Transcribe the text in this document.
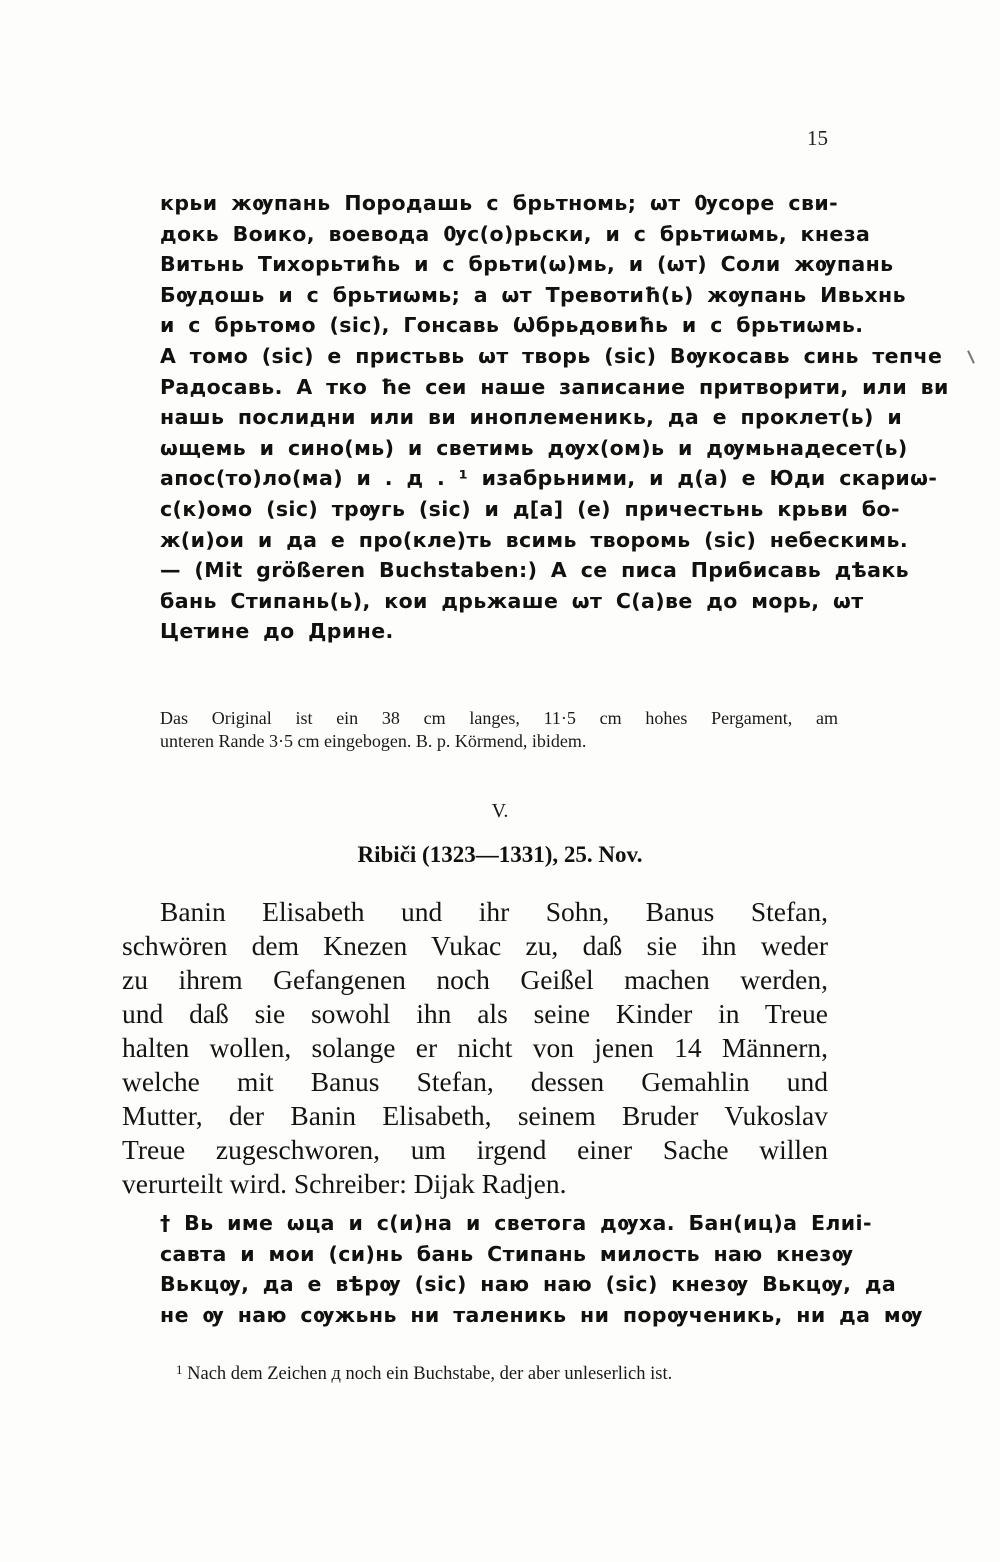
15
крьи жѹпань Породашь с брьтномь; ѡт Ѹсоре сви-
докь Воико, воевода Ѹс(о)рьски, и с брьтиѡмь, кнеза
Витьнь Тихорьтиħь и с брьти(ѡ)мь, и (ѡт) Соли жѹпань
Бѹдошь и с брьтиѡмь; а ѡт Тревотиħ(ь) жѹпань Ивьхнь
и с брьтомо (sic), Гонсавь Ѡбрьдовиħь и с брьтиѡмь.
А томо (sic) е пристьвь ѡт творь (sic) Вѹкосавь синь тепче
Радосавь. А тко ħе сеи наше записание притворити, или ви
нашь послидни или ви иноплеменикь, да е проклет(ь) и
ѡщемь и сино(мь) и светимь дѹх(ом)ь и дѹмьнадесет(ь)
апос(то)ло(ма) и . д . ¹ изабрьними, и д(а) е Юди скариѡ-
с(к)омо (sic) трѹгь (sic) и д[а] (е) причестьнь крьви бо-
ж(и)ои и да е про(кле)ть всимь творомь (sic) небескимь.
— (Mit größeren Buchstaben:) А се писа Прибисавь дѣакь
бань Стипань(ь), кои дрьжаше ѡт С(а)ве до морь, ѡт
Цетине до Дрине.
Das Original ist ein 38 cm langes, 11·5 cm hohes Pergament, am
unteren Rande 3·5 cm eingebogen. B. p. Körmend, ibidem.
V.
Ribiči (1323—1331), 25. Nov.
Banin Elisabeth und ihr Sohn, Banus Stefan,
schwören dem Knezen Vukac zu, daß sie ihn weder
zu ihrem Gefangenen noch Geißel machen werden,
und daß sie sowohl ihn als seine Kinder in Treue
halten wollen, solange er nicht von jenen 14 Männern,
welche mit Banus Stefan, dessen Gemahlin und
Mutter, der Banin Elisabeth, seinem Bruder Vukoslav
Treue zugeschworen, um irgend einer Sache willen
verurteilt wird. Schreiber: Dijak Radjen.
† Вь име ѡца и с(и)на и светога дѹха. Бан(иц)а Елиі-
савта и мои (си)нь бань Стипань милость наю кнезѹ
Вькцѹ, да е вѣрѹ (sic) наю наю (sic) кнезѹ Вькцѹ, да
не ѹ наю сѹжьнь ни таленикь ни порѹченикь, ни да мѹ
$^1$ Nach dem Zeichen д noch ein Buchstabe, der aber unleserlich ist.
